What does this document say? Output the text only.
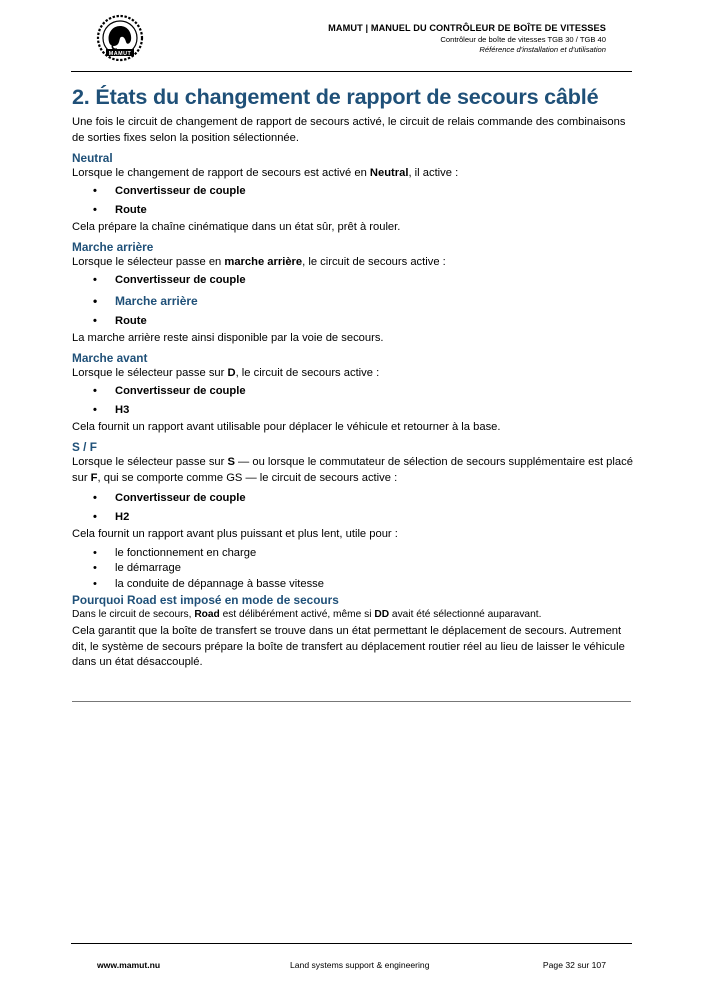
MAMUT
MAMUT | MANUEL DU CONTRÔLEUR DE BOÎTE DE VITESSES
Contrôleur de boîte de vitesses TGB 30 / TGB 40
Référence d'installation et d'utilisation
2. États du changement de rapport de secours câblé

Une fois le circuit de changement de rapport de secours activé, le circuit de relais commande des combinaisons de sorties fixes selon la position sélectionnée.

Neutral

Lorsque le changement de rapport de secours est activé en Neutral, il active :

• Convertisseur de couple
• Route

Cela prépare la chaîne cinématique dans un état sûr, prêt à rouler.

Marche arrière

Lorsque le sélecteur passe en marche arrière, le circuit de secours active :

• Convertisseur de couple
• Marche arrière
• Route

La marche arrière reste ainsi disponible par la voie de secours.

Marche avant

Lorsque le sélecteur passe sur D, le circuit de secours active :

• Convertisseur de couple
• H3

Cela fournit un rapport avant utilisable pour déplacer le véhicule et retourner à la base.

S / F

Lorsque le sélecteur passe sur S — ou lorsque le commutateur de sélection de secours supplémentaire est placé sur F, qui se comporte comme GS — le circuit de secours active :

• Convertisseur de couple
• H2

Cela fournit un rapport avant plus puissant et plus lent, utile pour :

• le fonctionnement en charge
• le démarrage
• la conduite de dépannage à basse vitesse
Pourquoi Road est imposé en mode de secours

Dans le circuit de secours, Road est délibérément activé, même si DD avait été sélectionné auparavant.

Cela garantit que la boîte de transfert se trouve dans un état permettant le déplacement de secours. Autrement dit, le système de secours prépare la boîte de transfert au déplacement routier réel au lieu de laisser le véhicule dans un état désaccouplé.

www.mamut.nu	Land systems support & engineering	Page 32 sur 107
